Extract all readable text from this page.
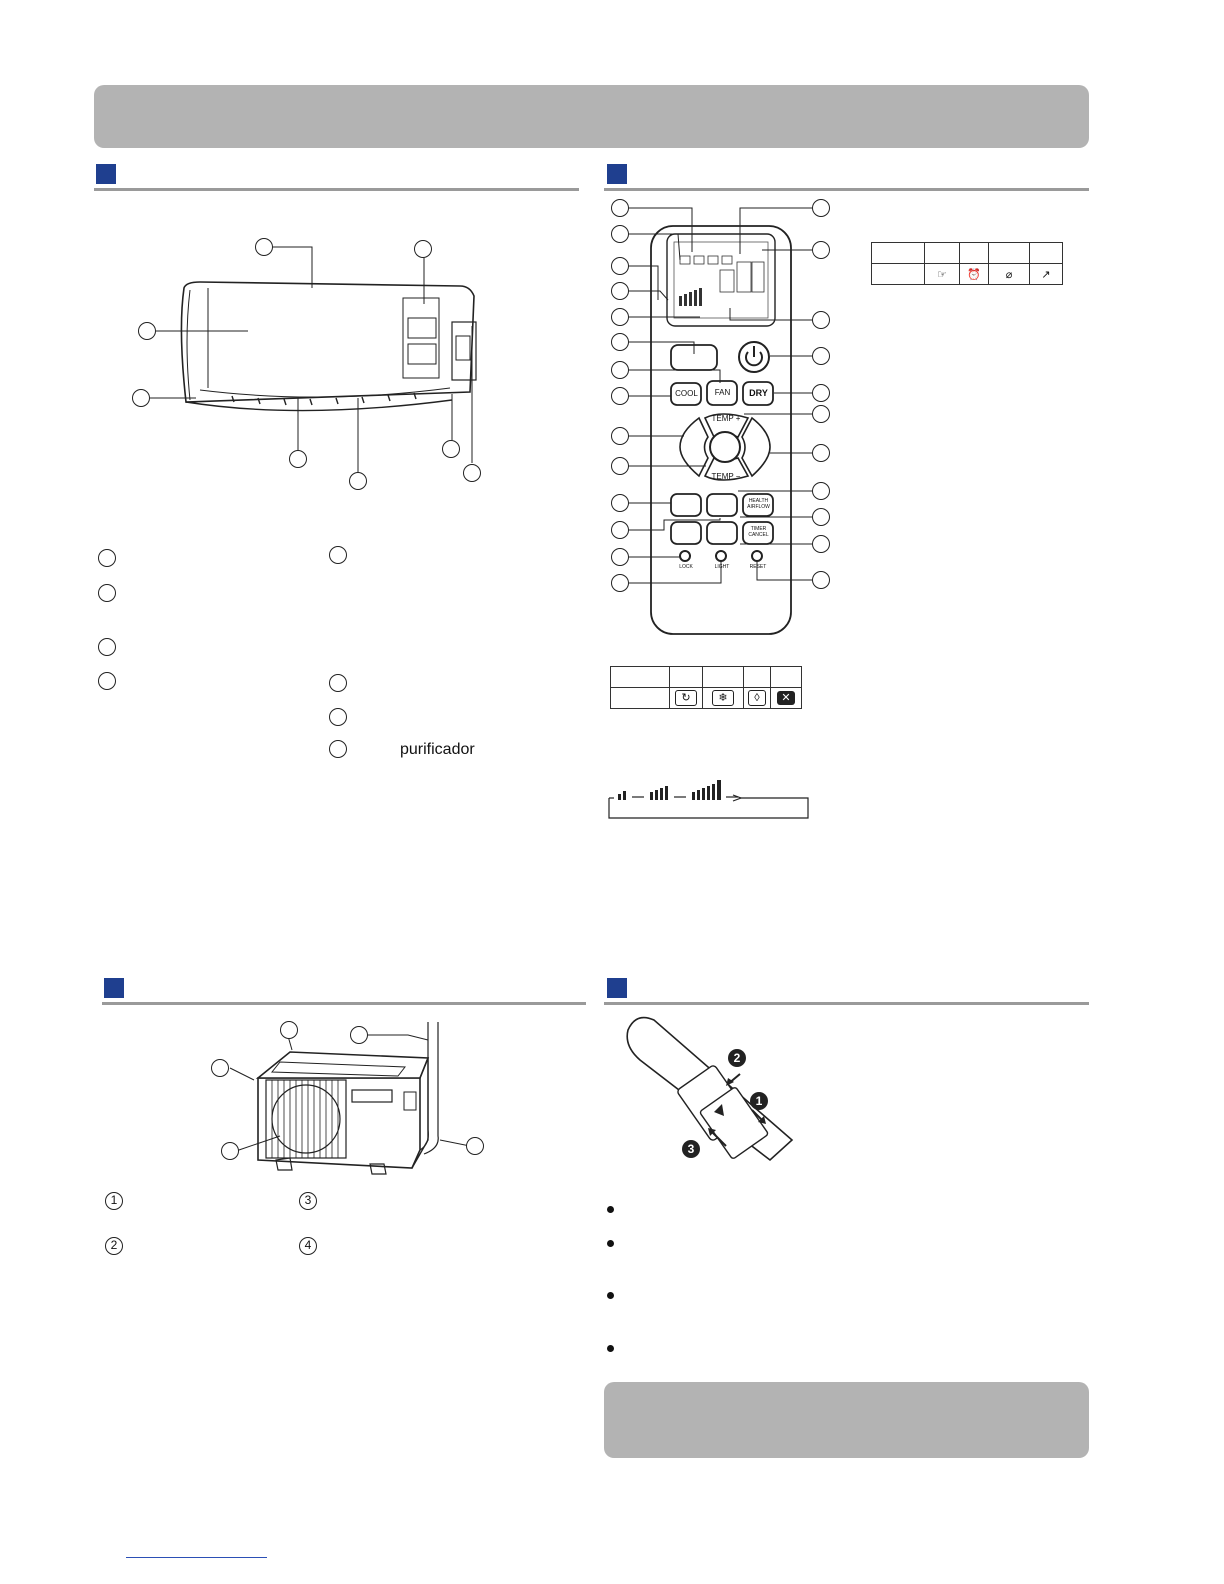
purificador
COOL	FAN	DRY
TEMP +
TEMP −
HEALTH AIRFLOW
TIMER CANCEL
LOCK	LIGHT	RESET

	☞	⏰	⌀	↗

	↻	❄	◊	✕
1	3
2	4
2
1
3
